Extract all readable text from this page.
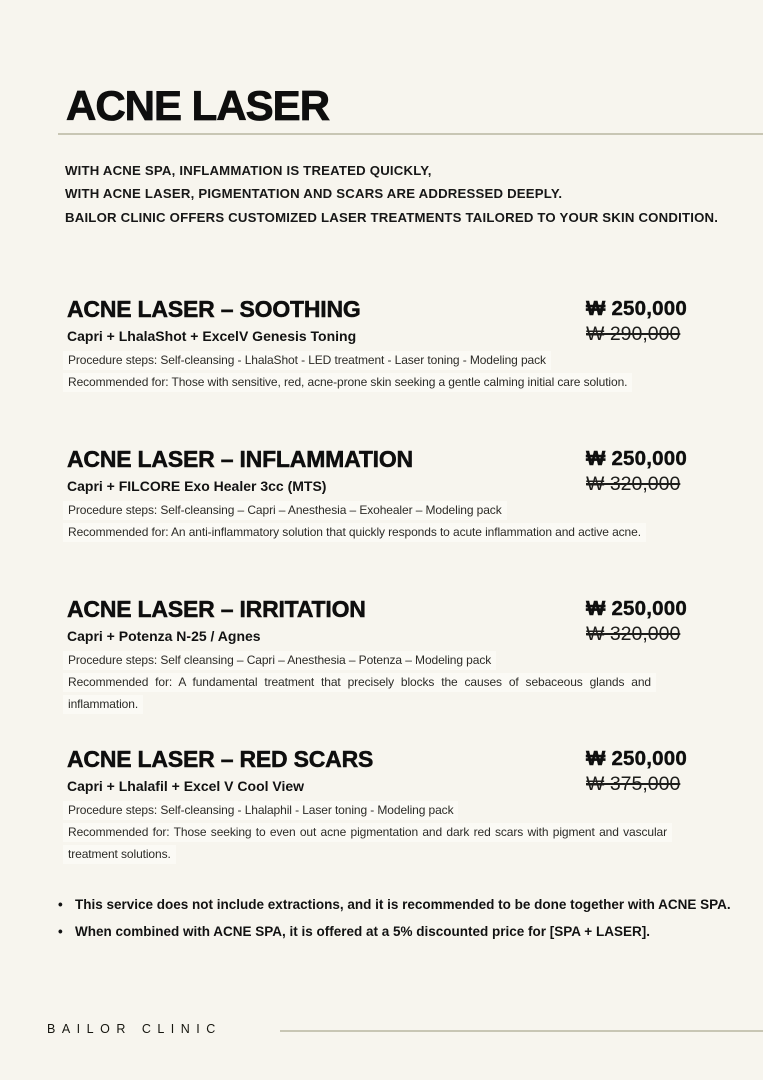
ACNE LASER
WITH ACNE SPA, INFLAMMATION IS TREATED QUICKLY,
WITH ACNE LASER, PIGMENTATION AND SCARS ARE ADDRESSED DEEPLY.
BAILOR CLINIC OFFERS CUSTOMIZED LASER TREATMENTS TAILORED TO YOUR SKIN CONDITION.
ACNE LASER – SOOTHING
Capri + LhalaShot + ExcelV Genesis Toning

Procedure steps: Self-cleansing - LhalaShot - LED treatment - Laser toning - Modeling pack

Recommended for: Those with sensitive, red, acne-prone skin seeking a gentle calming initial care solution.

₩ 250,000
₩ 290,000
ACNE LASER – INFLAMMATION
Capri + FILCORE Exo Healer 3cc (MTS)

Procedure steps: Self-cleansing – Capri – Anesthesia – Exohealer – Modeling pack

Recommended for: An anti-inflammatory solution that quickly responds to acute inflammation and active acne.

₩ 250,000
₩ 320,000
ACNE LASER – IRRITATION
Capri + Potenza N-25 / Agnes

Procedure steps: Self cleansing – Capri – Anesthesia – Potenza – Modeling pack

Recommended for: A fundamental treatment that precisely blocks the causes of sebaceous glands and inflammation.

₩ 250,000
₩ 320,000
ACNE LASER – RED SCARS
Capri + Lhalafil + Excel V Cool View

Procedure steps: Self-cleansing - Lhalaphil - Laser toning - Modeling pack

Recommended for: Those seeking to even out acne pigmentation and dark red scars with pigment and vascular treatment solutions.

₩ 250,000
₩ 375,000
• This service does not include extractions, and it is recommended to be done together with ACNE SPA.
• When combined with ACNE SPA, it is offered at a 5% discounted price for [SPA + LASER].
BAILOR CLINIC
